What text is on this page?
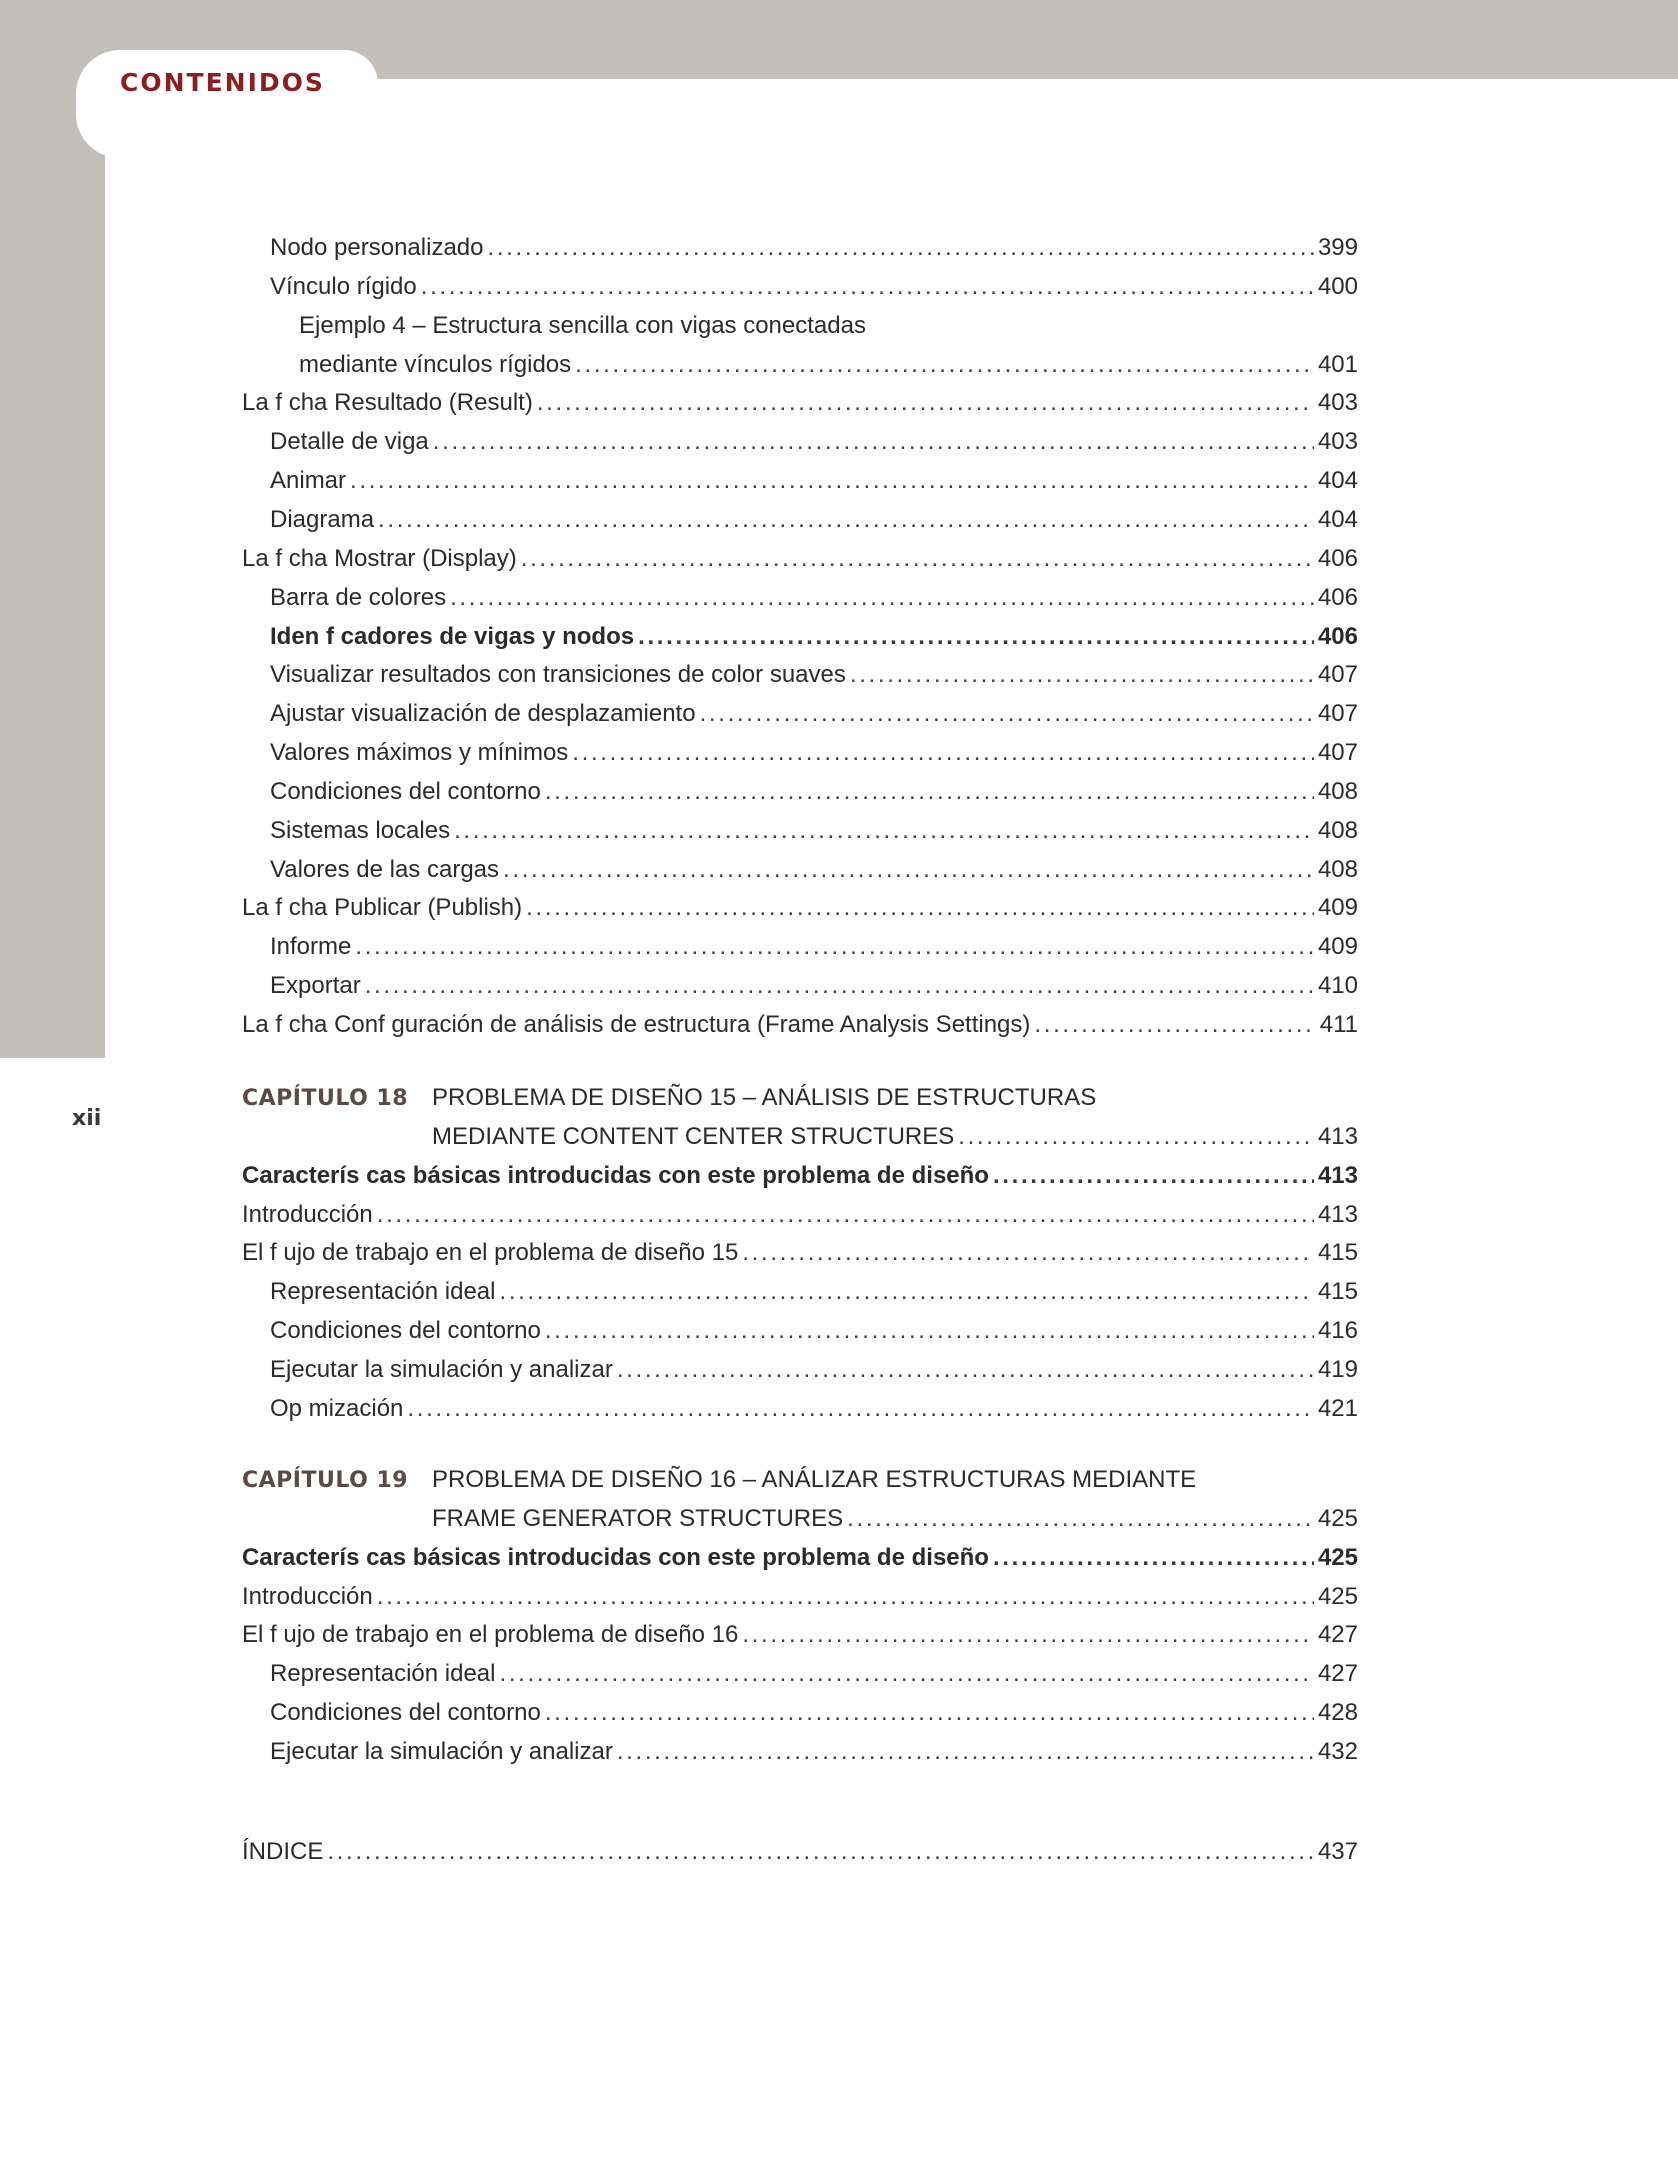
CONTENIDOS
xii
Nodo personalizado . . .	399
Vínculo rígido . . .	400
Ejemplo 4 – Estructura sencilla con vigas conectadas
mediante vínculos rígidos . . .	401
La f cha Resultado (Result) . . .	403
Detalle de viga . . .	403
Animar . . .	404
Diagrama . . .	404
La f cha Mostrar (Display) . . .	406
Barra de colores . . .	406
Iden f cadores de vigas y nodos . . .	406
Visualizar resultados con transiciones de color suaves . . .	407
Ajustar visualización de desplazamiento . . .	407
Valores máximos y mínimos . . .	407
Condiciones del contorno . . .	408
Sistemas locales . . .	408
Valores de las cargas . . .	408
La f cha Publicar (Publish) . . .	409
Informe . . .	409
Exportar . . .	410
La f cha Conf guración de análisis de estructura (Frame Analysis Settings) . . .	411
CAPÍTULO 18 PROBLEMA DE DISEÑO 15 – ANÁLISIS DE ESTRUCTURAS
MEDIANTE CONTENT CENTER STRUCTURES . . .	413
Caracterís cas básicas introducidas con este problema de diseño . . .	413
Introducción . . .	413
El f ujo de trabajo en el problema de diseño 15 . . .	415
Representación ideal . . .	415
Condiciones del contorno . . .	416
Ejecutar la simulación y analizar . . .	419
Op mización . . .	421
CAPÍTULO 19 PROBLEMA DE DISEÑO 16 – ANÁLIZAR ESTRUCTURAS MEDIANTE
FRAME GENERATOR STRUCTURES . . .	425
Caracterís cas básicas introducidas con este problema de diseño . . .	425
Introducción . . .	425
El f ujo de trabajo en el problema de diseño 16 . . .	427
Representación ideal . . .	427
Condiciones del contorno . . .	428
Ejecutar la simulación y analizar . . .	432
ÍNDICE . . .	437
